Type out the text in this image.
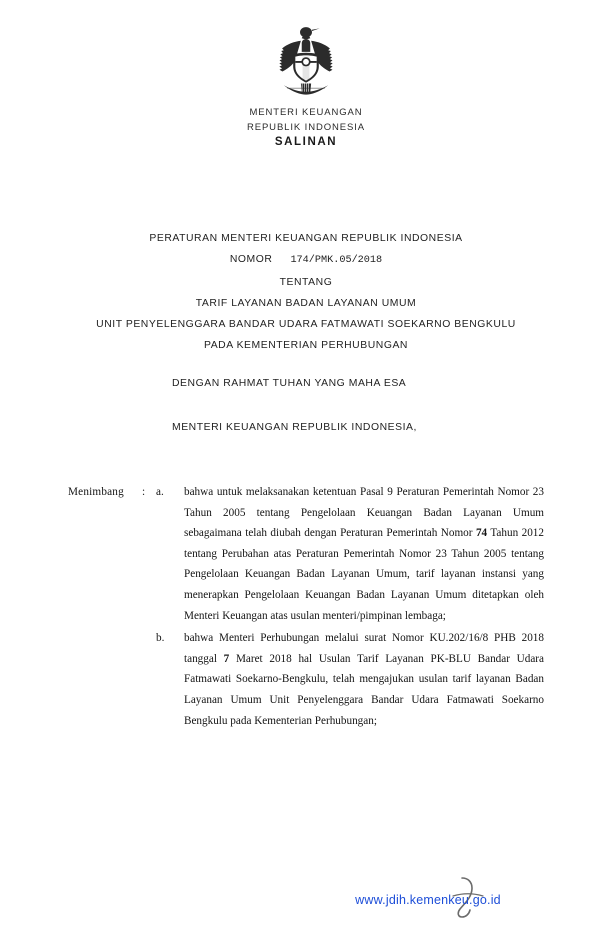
MENTERI KEUANGAN
REPUBLIK INDONESIA
SALINAN
PERATURAN MENTERI KEUANGAN REPUBLIK INDONESIA
NOMOR 174/PMK.05/2018
TENTANG
TARIF LAYANAN BADAN LAYANAN UMUM
UNIT PENYELENGGARA BANDAR UDARA FATMAWATI SOEKARNO BENGKULU
PADA KEMENTERIAN PERHUBUNGAN
DENGAN RAHMAT TUHAN YANG MAHA ESA
MENTERI KEUANGAN REPUBLIK INDONESIA,
Menimbang	: a.	bahwa untuk melaksanakan ketentuan Pasal 9 Peraturan Pemerintah Nomor 23 Tahun 2005 tentang Pengelolaan Keuangan Badan Layanan Umum sebagaimana telah diubah dengan Peraturan Pemerintah Nomor 74 Tahun 2012 tentang Perubahan atas Peraturan Pemerintah Nomor 23 Tahun 2005 tentang Pengelolaan Keuangan Badan Layanan Umum, tarif layanan instansi yang menerapkan Pengelolaan Keuangan Badan Layanan Umum ditetapkan oleh Menteri Keuangan atas usulan menteri/pimpinan lembaga;
b.	bahwa Menteri Perhubungan melalui surat Nomor KU.202/16/8 PHB 2018 tanggal 7 Maret 2018 hal Usulan Tarif Layanan PK-BLU Bandar Udara Fatmawati Soekarno-Bengkulu, telah mengajukan usulan tarif layanan Badan Layanan Umum Unit Penyelenggara Bandar Udara Fatmawati Soekarno Bengkulu pada Kementerian Perhubungan;
www.jdih.kemenkeu.go.id
